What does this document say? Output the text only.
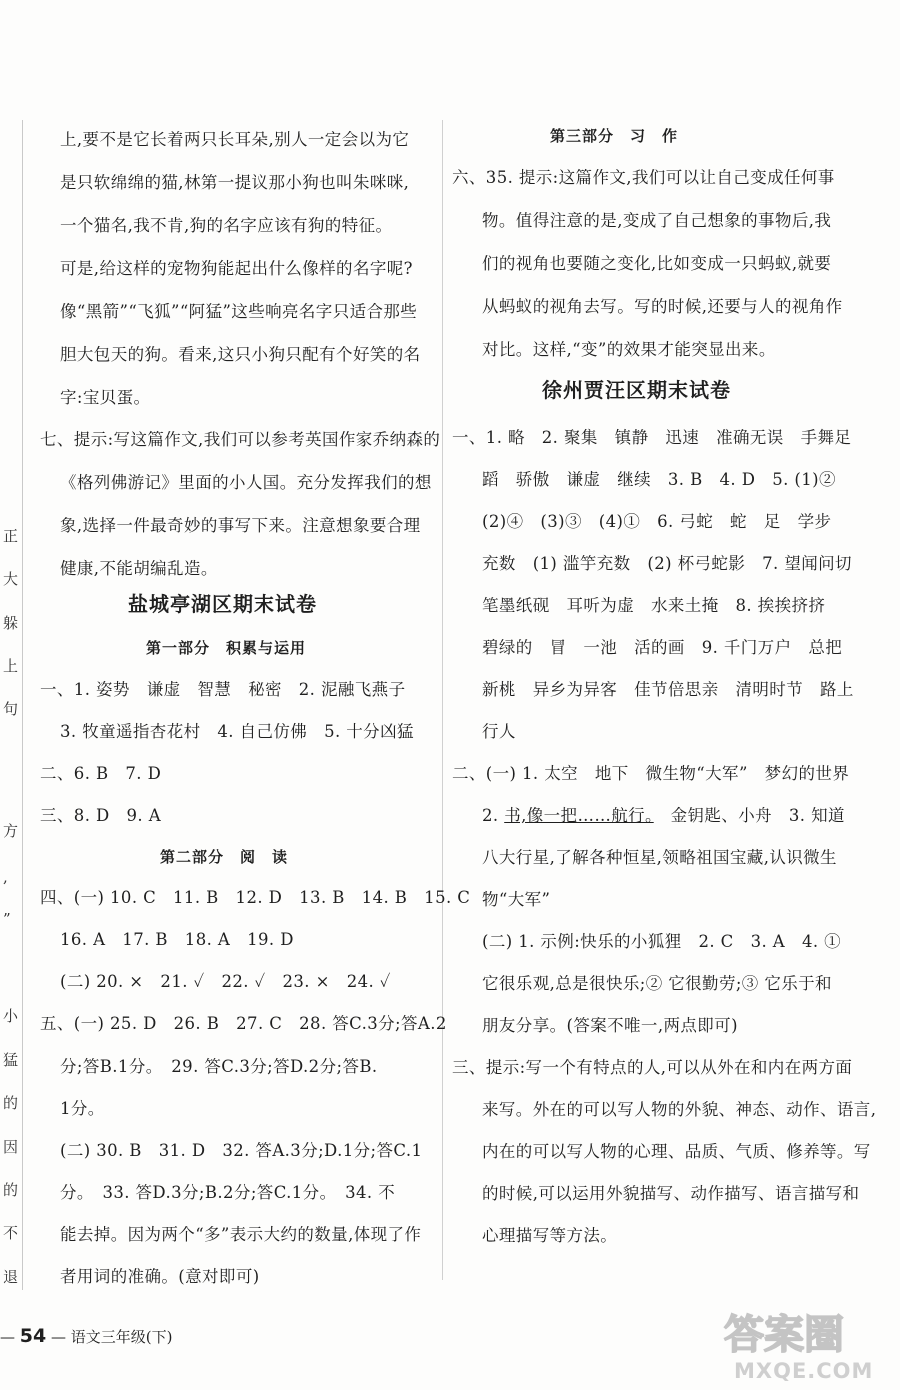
正
大
躲
上
句
方
,
”
小
猛
的
因
的
不
退
上,要不是它长着两只长耳朵,别人一定会以为它
是只软绵绵的猫,林第一提议那小狗也叫朱咪咪,
一个猫名,我不肯,狗的名字应该有狗的特征。
可是,给这样的宠物狗能起出什么像样的名字呢?
像“黑箭”“飞狐”“阿猛”这些响亮名字只适合那些
胆大包天的狗。看来,这只小狗只配有个好笑的名
字:宝贝蛋。
七、提示:写这篇作文,我们可以参考英国作家乔纳森的
《格列佛游记》里面的小人国。充分发挥我们的想
象,选择一件最奇妙的事写下来。注意想象要合理
健康,不能胡编乱造。
盐城亭湖区期末试卷
第一部分　积累与运用
一、1. 姿势　谦虚　智慧　秘密　2. 泥融飞燕子
3. 牧童遥指杏花村　4. 自己仿佛　5. 十分凶猛
二、6. B　7. D
三、8. D　9. A
第二部分　阅　读
四、(一) 10. C　11. B　12. D　13. B　14. B　15. C
16. A　17. B　18. A　19. D
(二) 20. ×　21. ✓　22. ✓　23. ×　24. ✓
五、(一) 25. D　26. B　27. C　28. 答C.3分;答A.2
分;答B.1分。　29. 答C.3分;答D.2分;答B.
1分。
(二) 30. B　31. D　32. 答A.3分;D.1分;答C.1
分。　33. 答D.3分;B.2分;答C.1分。　34. 不
能去掉。因为两个“多”表示大约的数量,体现了作
者用词的准确。(意对即可)
第三部分　习　作
六、35. 提示:这篇作文,我们可以让自己变成任何事
物。值得注意的是,变成了自己想象的事物后,我
们的视角也要随之变化,比如变成一只蚂蚁,就要
从蚂蚁的视角去写。写的时候,还要与人的视角作
对比。这样,“变”的效果才能突显出来。
徐州贾汪区期末试卷
一、1. 略　2. 聚集　镇静　迅速　准确无误　手舞足
蹈　骄傲　谦虚　继续　3. B　4. D　5. (1)②
(2)④　(3)③　(4)①　6. 弓蛇　蛇　足　学步
充数　(1) 滥竽充数　(2) 杯弓蛇影　7. 望闻问切
笔墨纸砚　耳听为虚　水来土掩　8. 挨挨挤挤
碧绿的　冒　一池　活的画　9. 千门万户　总把
新桃　异乡为异客　佳节倍思亲　清明时节　路上
行人
二、(一) 1. 太空　地下　微生物“大军”　梦幻的世界
2. 书,像一把……航行。　金钥匙、小舟　3. 知道
八大行星,了解各种恒星,领略祖国宝藏,认识微生
物“大军”
(二) 1. 示例:快乐的小狐狸　2. C　3. A　4. ①
它很乐观,总是很快乐;② 它很勤劳;③ 它乐于和
朋友分享。(答案不唯一,两点即可)
三、提示:写一个有特点的人,可以从外在和内在两方面
来写。外在的可以写人物的外貌、神态、动作、语言,
内在的可以写人物的心理、品质、气质、修养等。写
的时候,可以运用外貌描写、动作描写、语言描写和
心理描写等方法。
— 54 — 语文三年级(下)	答案圈
MXQE.COM
